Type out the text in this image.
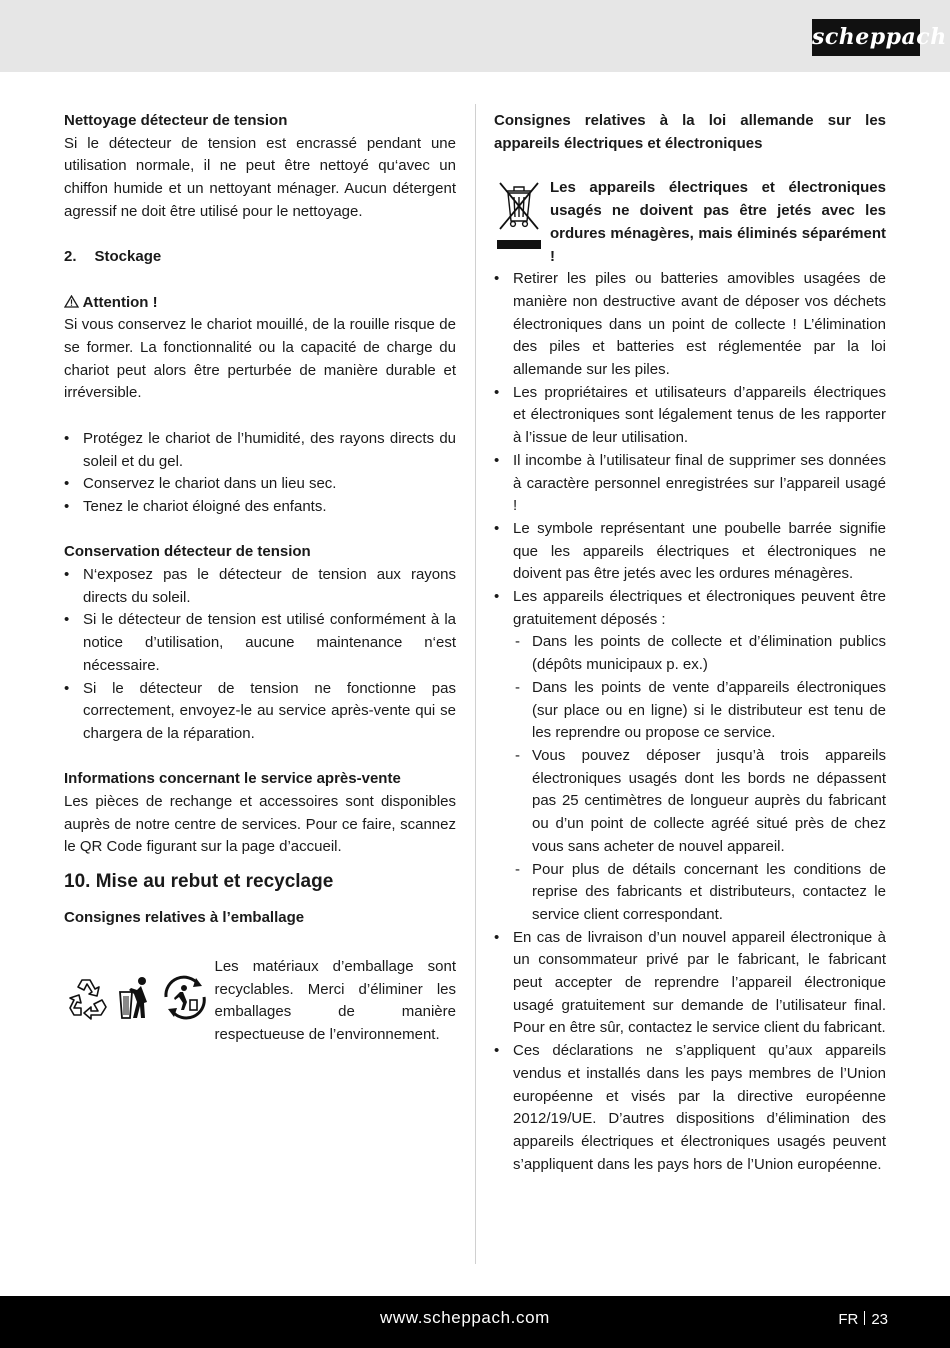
scheppach

Nettoyage détecteur de tension

Si le détecteur de tension est encrassé pendant une utilisation normale, il ne peut être nettoyé qu‘avec un chiffon humide et un nettoyant ménager. Aucun détergent agressif ne doit être utilisé pour le nettoyage.

2. Stockage

Attention !

Si vous conservez le chariot mouillé, de la rouille risque de se former. La fonctionnalité ou la capacité de charge du chariot peut alors être perturbée de manière durable et irréversible.

• Protégez le chariot de l’humidité, des rayons directs du soleil et du gel.
• Conservez le chariot dans un lieu sec.
• Tenez le chariot éloigné des enfants.

Conservation détecteur de tension

• N‘exposez pas le détecteur de tension aux rayons directs du soleil.
• Si le détecteur de tension est utilisé conformément à la notice d’utilisation, aucune maintenance n‘est nécessaire.
• Si le détecteur de tension ne fonctionne pas correctement, envoyez-le au service après-vente qui se chargera de la réparation.

Informations concernant le service après-vente

Les pièces de rechange et accessoires sont disponibles auprès de notre centre de services. Pour ce faire, scannez le QR Code figurant sur la page d’accueil.

10. Mise au rebut et recyclage

Consignes relatives à l’emballage

Les matériaux d’emballage sont recyclables. Merci d’éliminer les emballages de manière respectueuse de l’environnement.

Consignes relatives à la loi allemande sur les appareils électriques et électroniques

Les appareils électriques et électroniques usagés ne doivent pas être jetés avec les ordures ménagères, mais éliminés séparément !
• Retirer les piles ou batteries amovibles usagées de manière non destructive avant de déposer vos déchets électroniques dans un point de collecte ! L’élimination des piles et batteries est réglementée par la loi allemande sur les piles.
• Les propriétaires et utilisateurs d’appareils électriques et électroniques sont légalement tenus de les rapporter à l’issue de leur utilisation.
• Il incombe à l’utilisateur final de supprimer ses données à caractère personnel enregistrées sur l’appareil usagé !
• Le symbole représentant une poubelle barrée signifie que les appareils électriques et électroniques ne doivent pas être jetés avec les ordures ménagères.
• Les appareils électriques et électroniques peuvent être gratuitement déposés :
- Dans les points de collecte et d’élimination publics (dépôts municipaux p. ex.)
- Dans les points de vente d’appareils électroniques (sur place ou en ligne) si le distributeur est tenu de les reprendre ou propose ce service.
- Vous pouvez déposer jusqu’à trois appareils électroniques usagés dont les bords ne dépassent pas 25 centimètres de longueur auprès du fabricant ou d’un point de collecte agréé situé près de chez vous sans acheter de nouvel appareil.
- Pour plus de détails concernant les conditions de reprise des fabricants et distributeurs, contactez le service client correspondant.
• En cas de livraison d’un nouvel appareil électronique à un consommateur privé par le fabricant, le fabricant peut accepter de reprendre l’appareil électronique usagé gratuitement sur demande de l’utilisateur final. Pour en être sûr, contactez le service client du fabricant.
• Ces déclarations ne s’appliquent qu’aux appareils vendus et installés dans les pays membres de l’Union européenne et visés par la directive européenne 2012/19/UE. D’autres dispositions d’élimination des appareils électriques et électroniques usagés peuvent s’appliquent dans les pays hors de l’Union européenne.
www.scheppach.com	FR 23
